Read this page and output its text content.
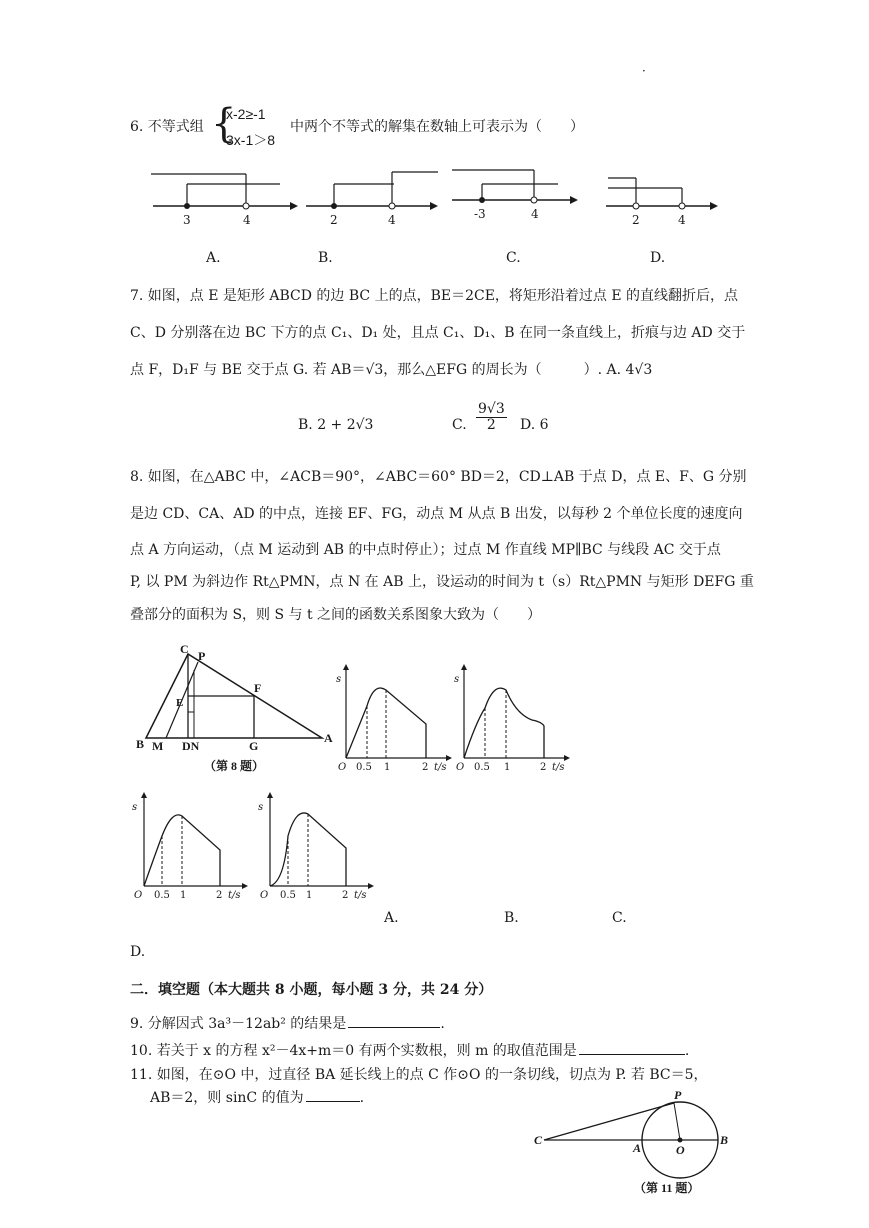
·
6. 不等式组 {
x-2≥-1
3x-1＞8
中两个不等式的解集在数轴上可表示为（　　）
3	4	2	4	-3	4	2	4
A.	B.	C.	D.
7. 如图，点 E 是矩形 ABCD 的边 BC 上的点，BE＝2CE，将矩形沿着过点 E 的直线翻折后，点
C、D 分别落在边 BC 下方的点 C₁、D₁ 处，且点 C₁、D₁、B 在同一条直线上，折痕与边 AD 交于
点 F，D₁F 与 BE 交于点 G. 若 AB＝√3，那么△EFG 的周长为（　　　）. A. 4√3
B. 2 + 2√3	C. $\frac{9√3}{2} D$. 6
8. 如图，在△ABC 中，∠ACB＝90°，∠ABC＝60° BD＝2，CD⊥AB 于点 D，点 E、F、G 分别
是边 CD、CA、AD 的中点，连接 EF、FG，动点 M 从点 B 出发，以每秒 2 个单位长度的速度向
点 A 方向运动，（点 M 运动到 AB 的中点时停止）；过点 M 作直线 MP∥BC 与线段 AC 交于点
P, 以 PM 为斜边作 Rt△PMN，点 N 在 AB 上，设运动的时间为 t（s）Rt△PMN 与矩形 DEFG 重
叠部分的面积为 S，则 S 与 t 之间的函数关系图象大致为（　　）
C P
E
F
B M DN	G
A
（第 8 题）
s
O 0.5 1	2 t/s
s
O 0.5 1	2 t/s
s
O 0.5 1	2 t/s
s
O 0.5 1	2 t/s
A.	B.	C.
D.
二．填空题（本大题共 8 小题，每小题 3 分，共 24 分）
9. 分解因式 3a³－12ab² 的结果是	.
10. 若关于 x 的方程 x²－4x+m＝0 有两个实数根，则 m 的取值范围是	.
11. 如图，在⊙O 中，过直径 BA 延长线上的点 C 作⊙O 的一条切线，切点为 P. 若 BC＝5，
AB＝2，则 sinC 的值为	.
C
P
A	O
B
（第 11 题）
